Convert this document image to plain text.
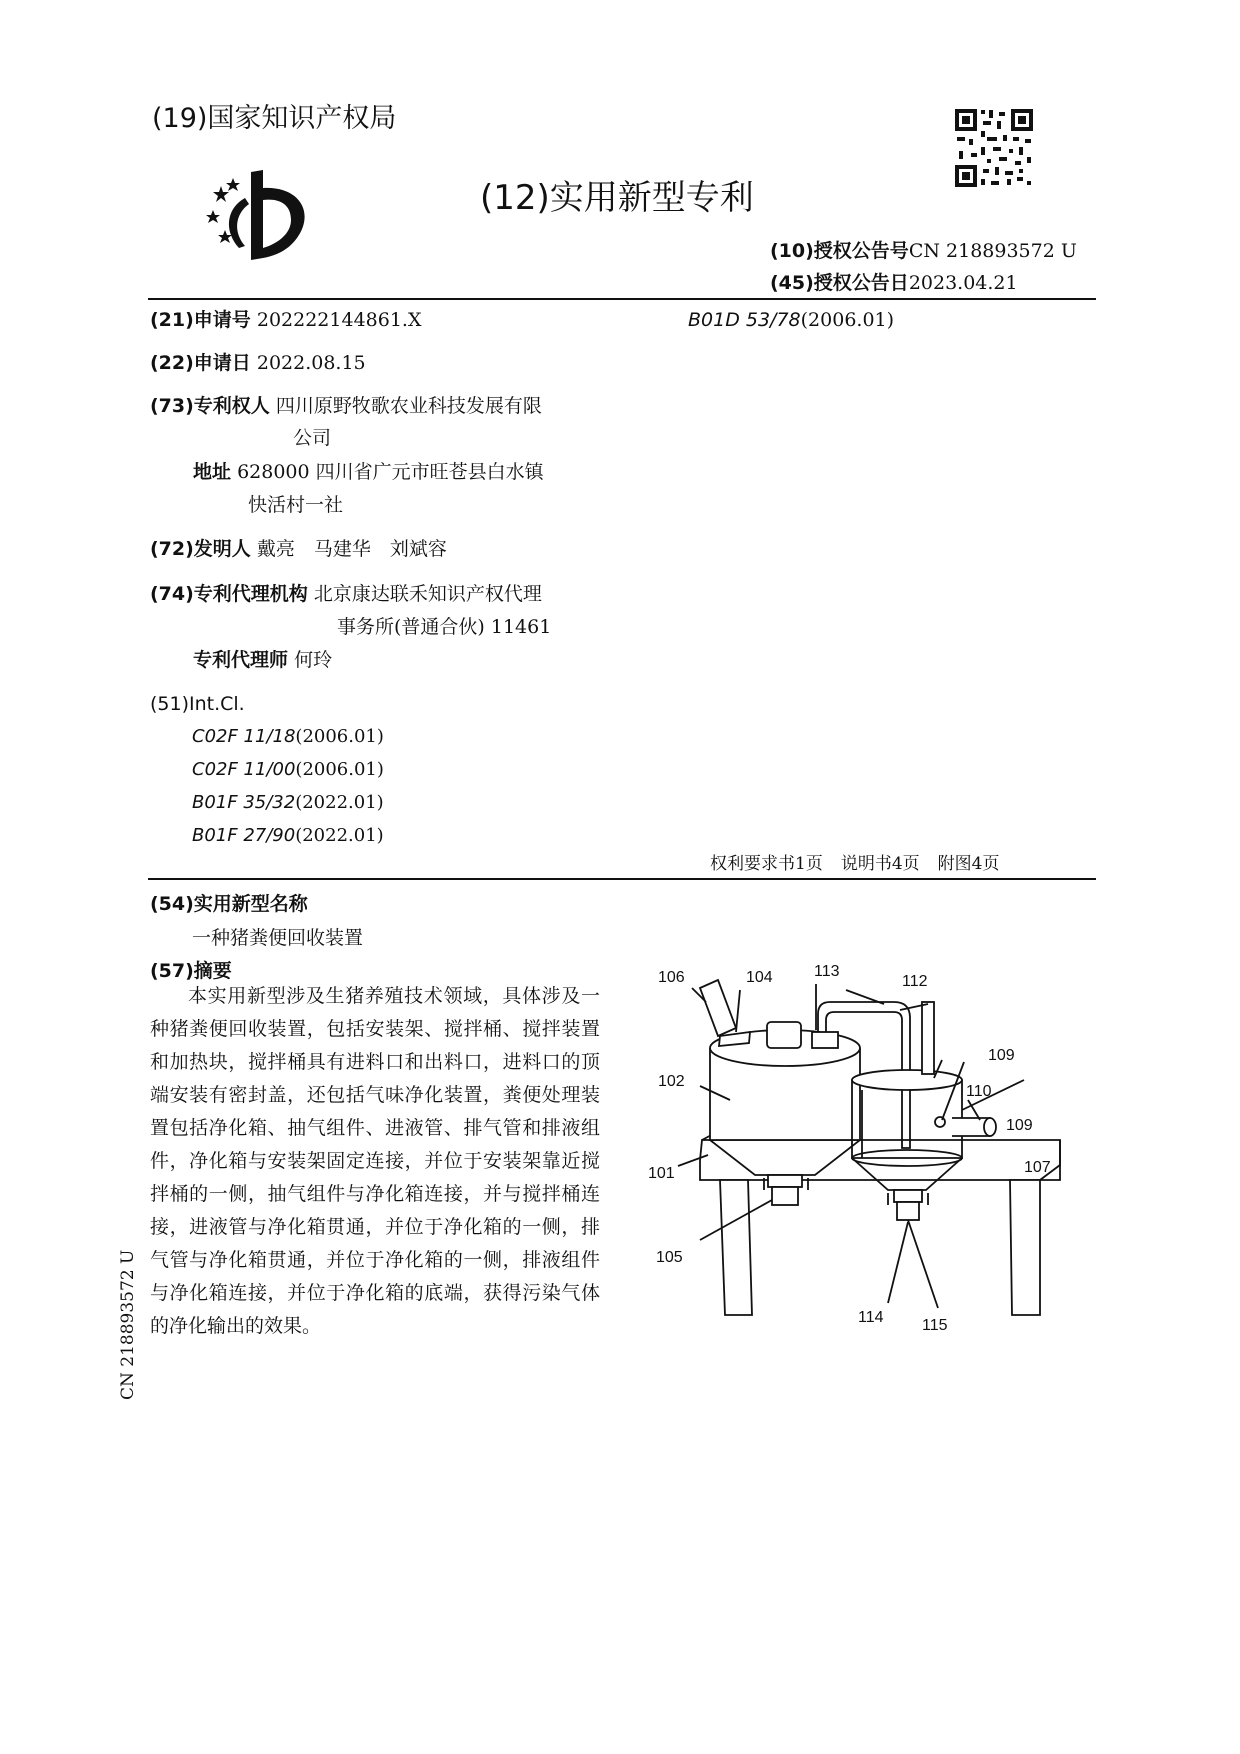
(19)国家知识产权局
(12)实用新型专利
(10)授权公告号CN 218893572 U
(45)授权公告日2023.04.21
(21)申请号 202222144861.X	B01D 53/78(2006.01)
(22)申请日 2022.08.15
(73)专利权人 四川原野牧歌农业科技发展有限
公司
地址 628000 四川省广元市旺苍县白水镇
快活村一社
(72)发明人 戴亮　马建华　刘斌容
(74)专利代理机构 北京康达联禾知识产权代理
事务所(普通合伙) 11461
专利代理师 何玲
(51)Int.Cl.
C02F 11/18(2006.01)
C02F 11/00(2006.01)
B01F 35/32(2022.01)
B01F 27/90(2022.01)
权利要求书1页 说明书4页 附图4页
(54)实用新型名称
一种猪粪便回收装置
(57)摘要
本实用新型涉及生猪养殖技术领域，具体涉及一种猪粪便回收装置，包括安装架、搅拌桶、搅拌装置和加热块，搅拌桶具有进料口和出料口，进料口的顶端安装有密封盖，还包括气味净化装置，粪便处理装置包括净化箱、抽气组件、进液管、排气管和排液组件，净化箱与安装架固定连接，并位于安装架靠近搅拌桶的一侧，抽气组件与净化箱连接，并与搅拌桶连接，进液管与净化箱贯通，并位于净化箱的一侧，排气管与净化箱贯通，并位于净化箱的一侧，排液组件与净化箱连接，并位于净化箱的底端，获得污染气体的净化输出的效果。
106	104	113
112
109
102
110
109
101	107
105
114 115
CN 218893572 U
